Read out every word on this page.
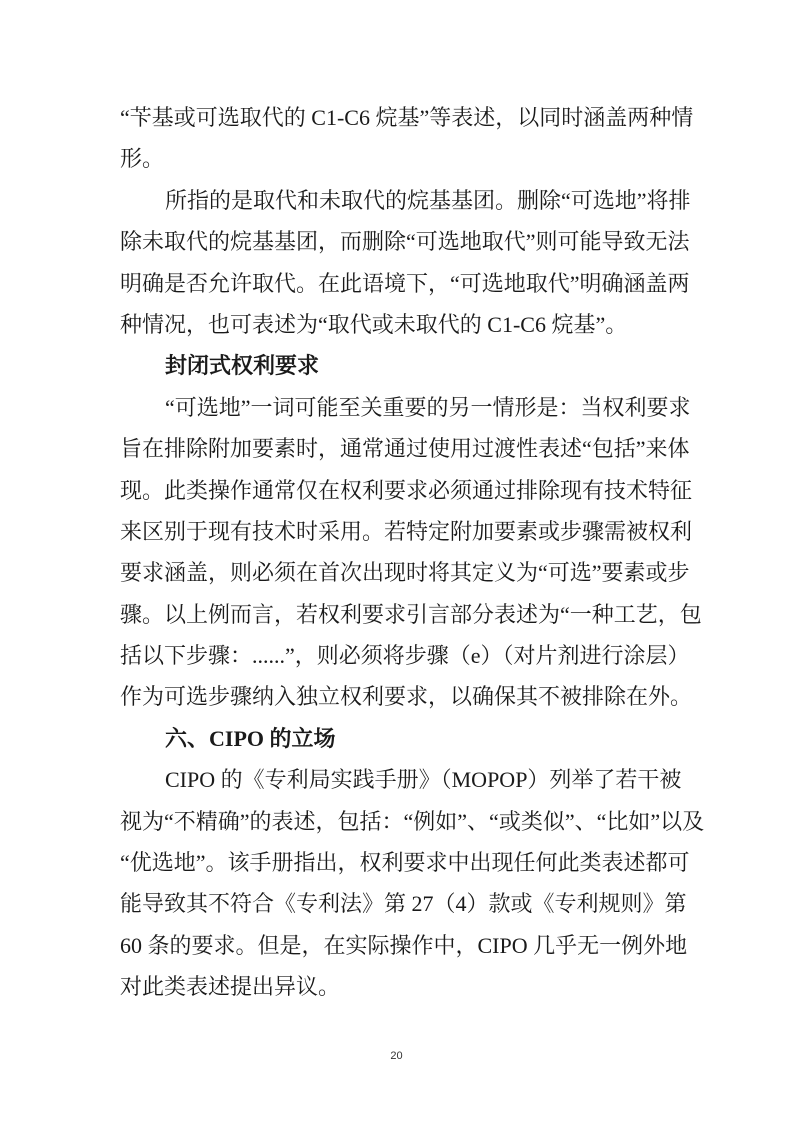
“苄基或可选取代的 C1-C6 烷基”等表述，以同时涵盖两种情
形。
所指的是取代和未取代的烷基基团。删除“可选地”将排
除未取代的烷基基团，而删除“可选地取代”则可能导致无法
明确是否允许取代。在此语境下，“可选地取代”明确涵盖两
种情况，也可表述为“取代或未取代的 C1-C6 烷基”。
封闭式权利要求
“可选地”一词可能至关重要的另一情形是：当权利要求
旨在排除附加要素时，通常通过使用过渡性表述“包括”来体
现。此类操作通常仅在权利要求必须通过排除现有技术特征
来区别于现有技术时采用。若特定附加要素或步骤需被权利
要求涵盖，则必须在首次出现时将其定义为“可选”要素或步
骤。以上例而言，若权利要求引言部分表述为“一种工艺，包
括以下步骤：......”，则必须将步骤（e）（对片剂进行涂层）
作为可选步骤纳入独立权利要求，以确保其不被排除在外。
六、CIPO 的立场
CIPO 的《专利局实践手册》（MOPOP）列举了若干被
视为“不精确”的表述，包括：“例如”、“或类似”、“比如”以及
“优选地”。该手册指出，权利要求中出现任何此类表述都可
能导致其不符合《专利法》第 27（4）款或《专利规则》第
60 条的要求。但是，在实际操作中，CIPO 几乎无一例外地
对此类表述提出异议。
20
